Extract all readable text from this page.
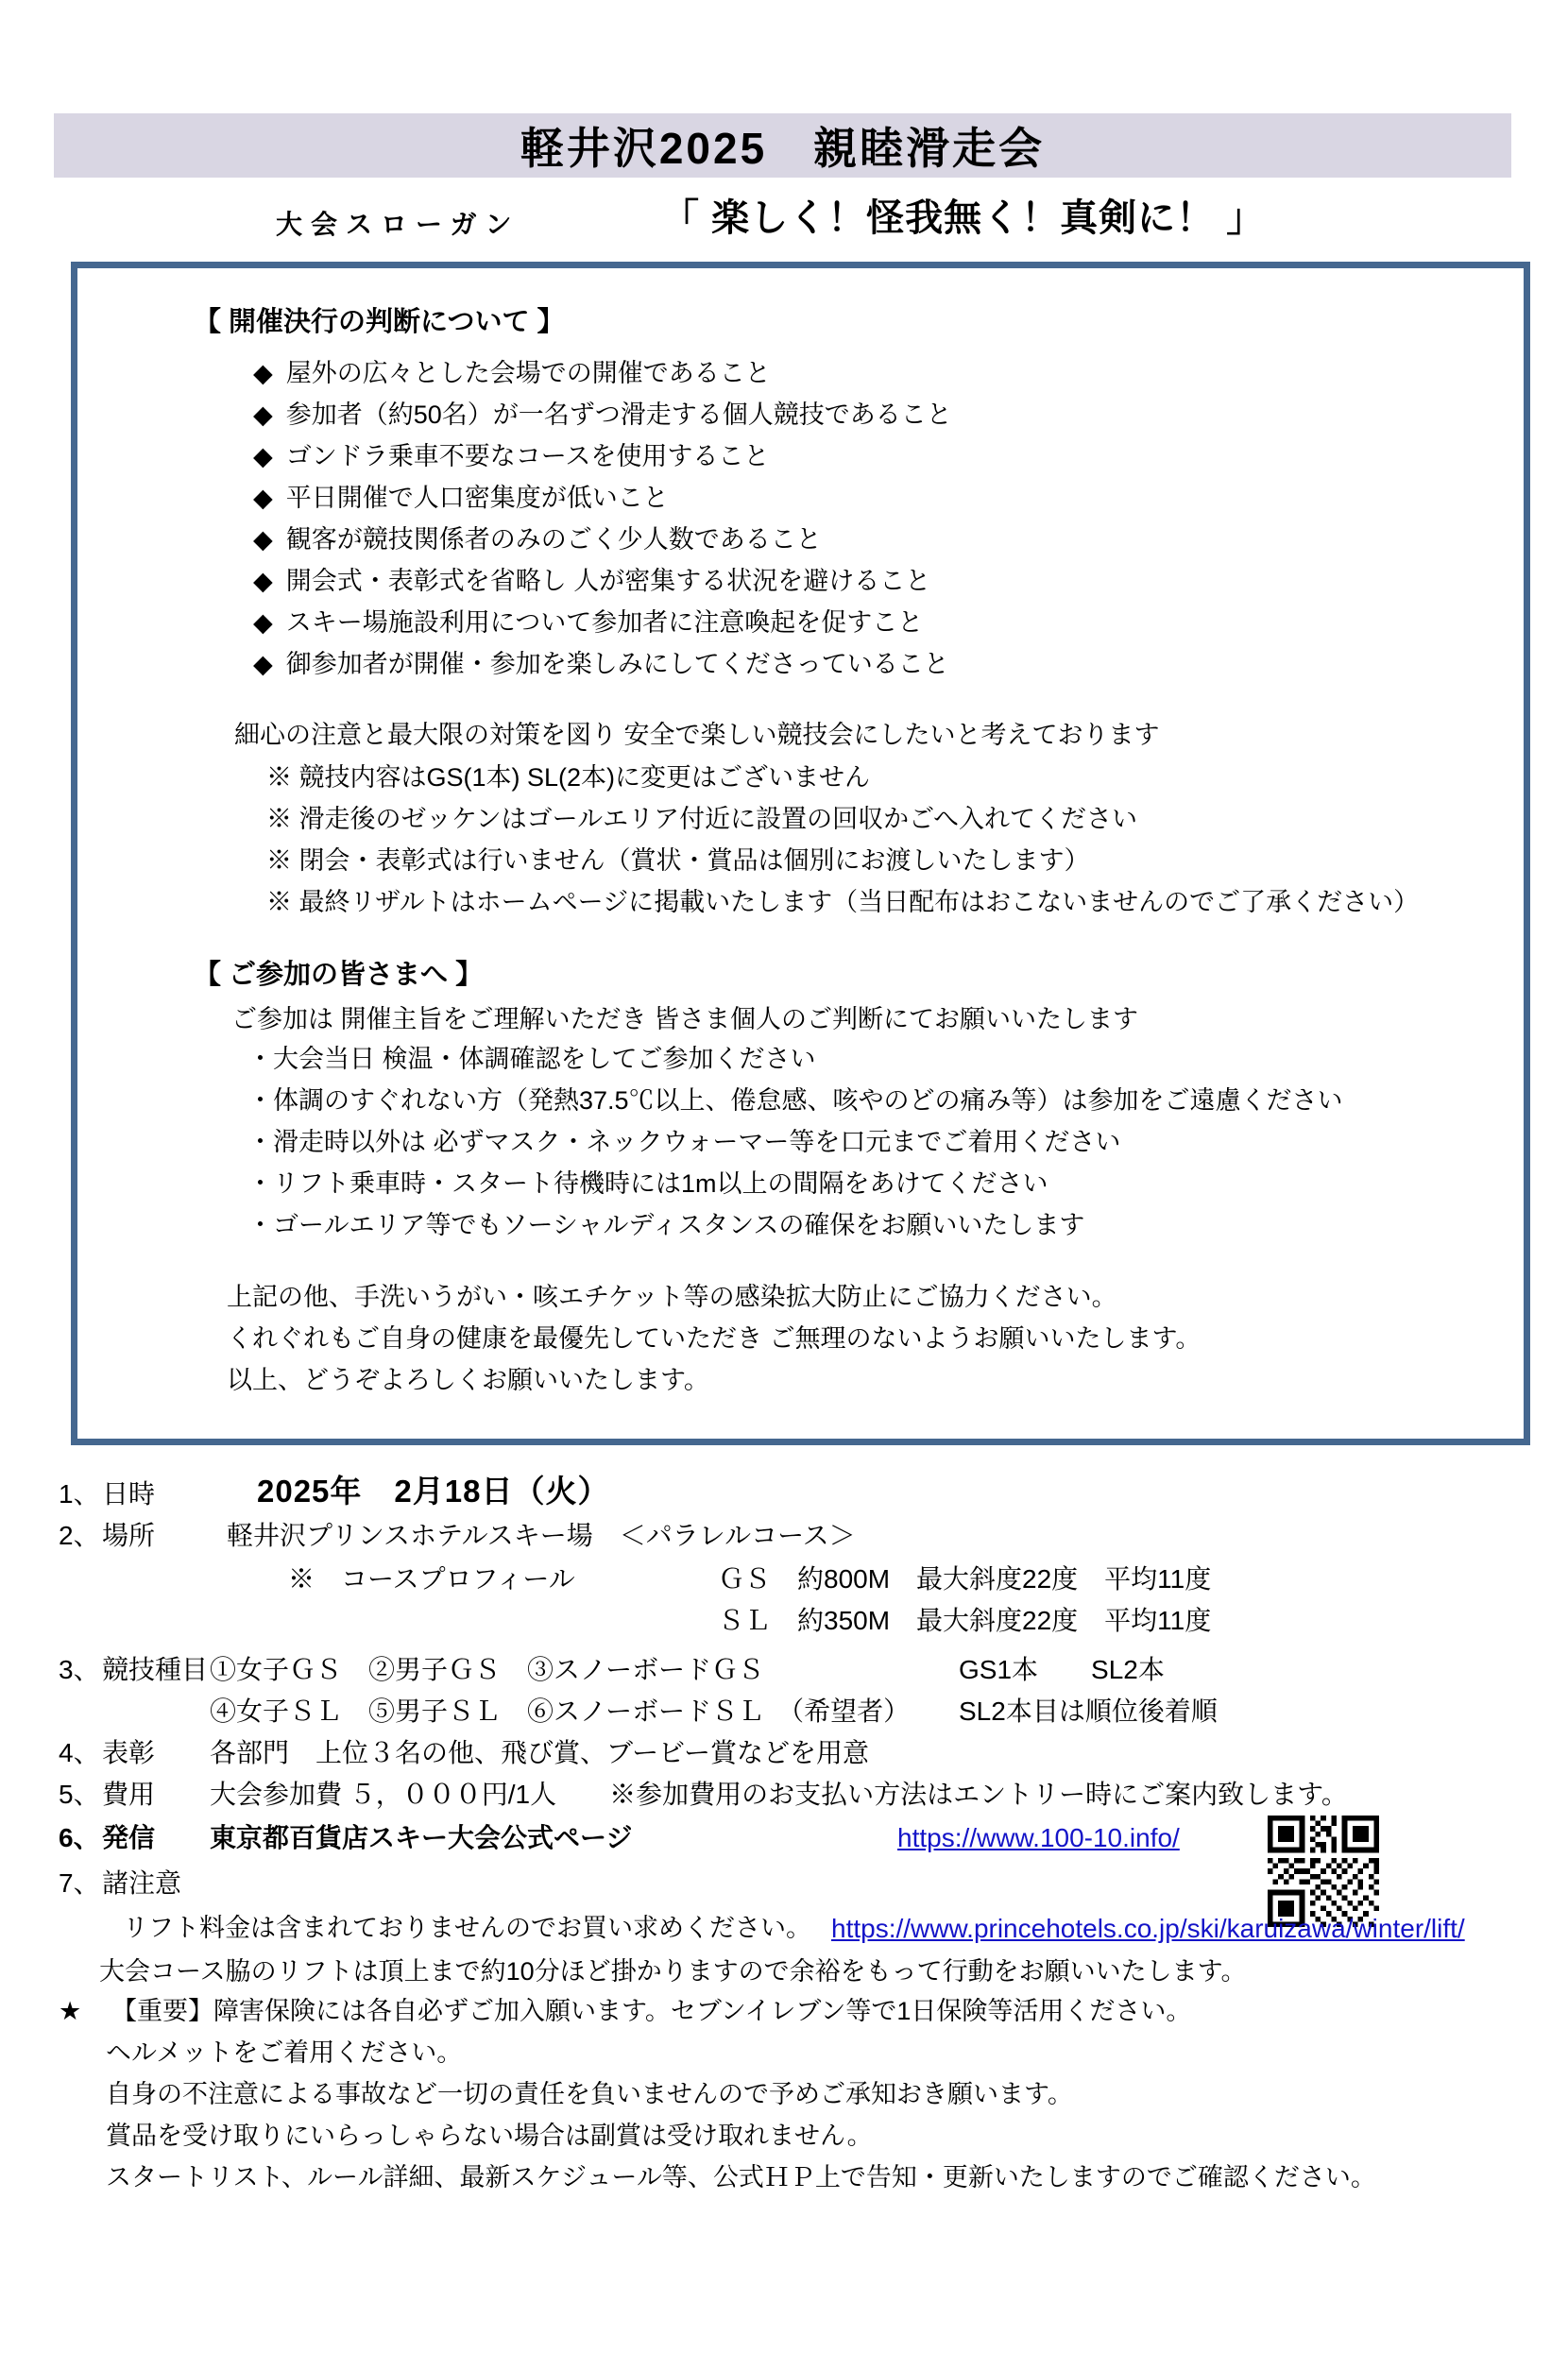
軽井沢2025　親睦滑走会
大会スローガン	「 楽しく！怪我無く！真剣に！ 」
【 開催決行の判断について 】
◆ 屋外の広々とした会場での開催であること
◆ 参加者（約50名）が一名ずつ滑走する個人競技であること
◆ ゴンドラ乗車不要なコースを使用すること
◆ 平日開催で人口密集度が低いこと
◆ 観客が競技関係者のみのごく少人数であること
◆ 開会式・表彰式を省略し 人が密集する状況を避けること
◆ スキー場施設利用について参加者に注意喚起を促すこと
◆ 御参加者が開催・参加を楽しみにしてくださっていること
細心の注意と最大限の対策を図り 安全で楽しい競技会にしたいと考えております
※ 競技内容はGS(1本) SL(2本)に変更はございません
※ 滑走後のゼッケンはゴールエリア付近に設置の回収かごへ入れてください
※ 閉会・表彰式は行いません（賞状・賞品は個別にお渡しいたします）
※ 最終リザルトはホームページに掲載いたします（当日配布はおこないませんのでご了承ください）
【 ご参加の皆さまへ 】
ご参加は 開催主旨をご理解いただき 皆さま個人のご判断にてお願いいたします
・大会当日 検温・体調確認をしてご参加ください
・体調のすぐれない方（発熱37.5℃以上、倦怠感、咳やのどの痛み等）は参加をご遠慮ください
・滑走時以外は 必ずマスク・ネックウォーマー等を口元までご着用ください
・リフト乗車時・スタート待機時には1m以上の間隔をあけてください
・ゴールエリア等でもソーシャルディスタンスの確保をお願いいたします
上記の他、手洗いうがい・咳エチケット等の感染拡大防止にご協力ください。
くれぐれもご自身の健康を最優先していただき ご無理のないようお願いいたします。
以上、どうぞよろしくお願いいたします。
1、 日時	2025年　2月18日（火）
2、 場所	軽井沢プリンスホテルスキー場　＜パラレルコース＞
※　コースプロフィール	ＧＳ　約800M　最大斜度22度　平均11度
ＳＬ　約350M　最大斜度22度　平均11度
3、 競技種目 ①女子ＧＳ　②男子ＧＳ　③スノーボードＧＳ	GS1本　　SL2本
④女子ＳＬ　⑤男子ＳＬ　⑥スノーボードＳＬ　（希望者） SL2本目は順位後着順
4、 表彰 各部門　上位３名の他、飛び賞、ブービー賞などを用意
5、 費用 大会参加費 ５，０００円/1人　　※参加費用のお支払い方法はエントリー時にご案内致します。
6、 発信 東京都百貨店スキー大会公式ページ	https://www.100-10.info/
7、 諸注意
リフト料金は含まれておりませんのでお買い求めください。 https://www.princehotels.co.jp/ski/karuizawa/winter/lift/
大会コース脇のリフトは頂上まで約10分ほど掛かりますので余裕をもって行動をお願いいたします。
★ 【重要】障害保険には各自必ずご加入願います。セブンイレブン等で1日保険等活用ください。
ヘルメットをご着用ください。
自身の不注意による事故など一切の責任を負いませんので予めご承知おき願います。
賞品を受け取りにいらっしゃらない場合は副賞は受け取れません。
スタートリスト、ルール詳細、最新スケジュール等、公式ＨＰ上で告知・更新いたしますのでご確認ください。
